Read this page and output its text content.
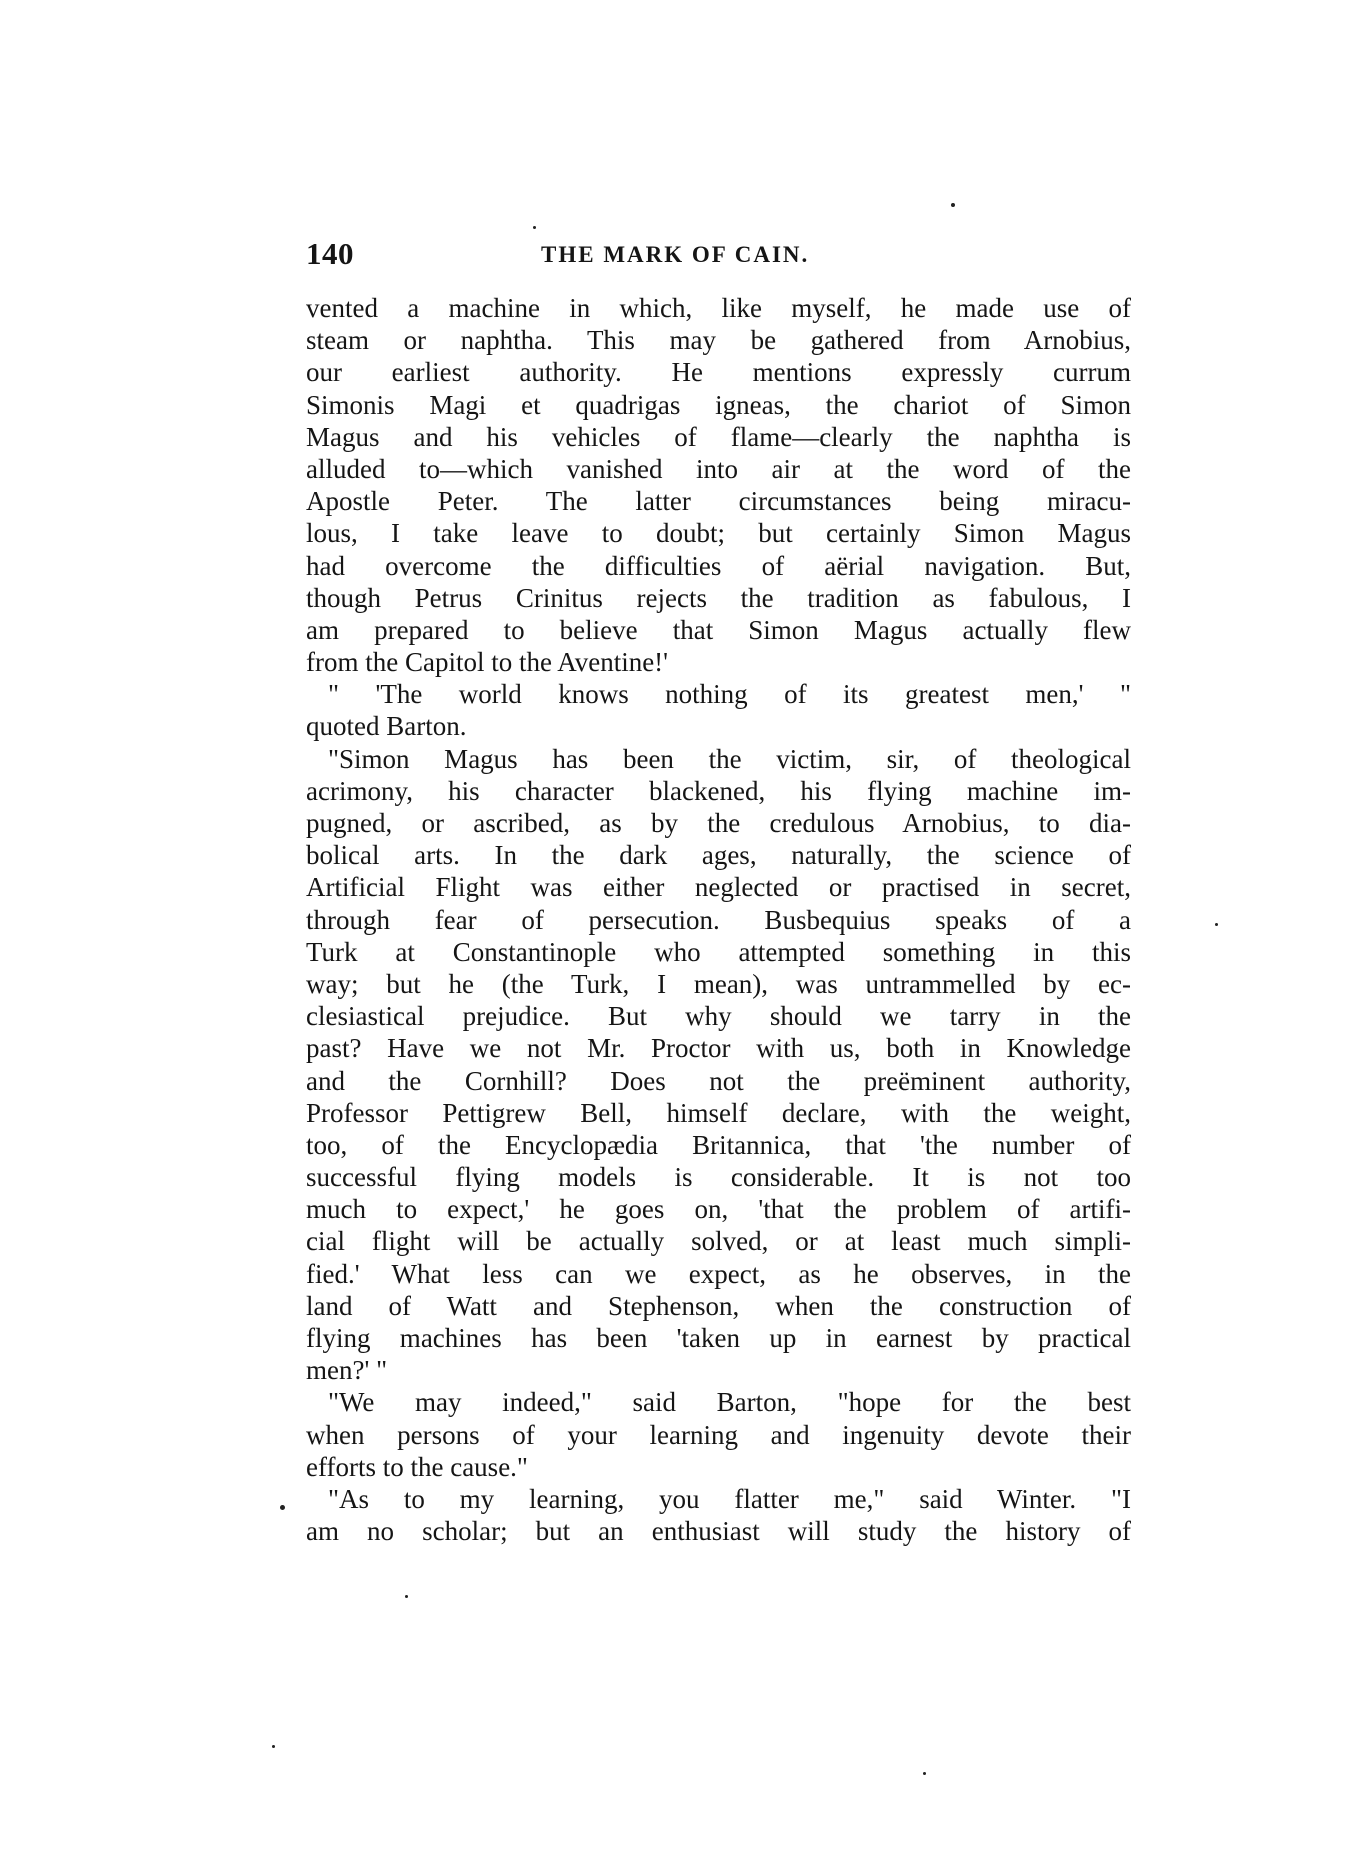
140	THE MARK OF CAIN.
vented a machine in which, like myself, he made use of
steam or naphtha. This may be gathered from Arnobius,
our earliest authority. He mentions expressly currum
Simonis Magi et quadrigas igneas, the chariot of Simon
Magus and his vehicles of flame—clearly the naphtha is
alluded to—which vanished into air at the word of the
Apostle Peter. The latter circumstances being miracu-
lous, I take leave to doubt; but certainly Simon Magus
had overcome the difficulties of aërial navigation. But,
though Petrus Crinitus rejects the tradition as fabulous, I
am prepared to believe that Simon Magus actually flew
from the Capitol to the Aventine!'
" 'The world knows nothing of its greatest men,' "
quoted Barton.
"Simon Magus has been the victim, sir, of theological
acrimony, his character blackened, his flying machine im-
pugned, or ascribed, as by the credulous Arnobius, to dia-
bolical arts. In the dark ages, naturally, the science of
Artificial Flight was either neglected or practised in secret,
through fear of persecution. Busbequius speaks of a
Turk at Constantinople who attempted something in this
way; but he (the Turk, I mean), was untrammelled by ec-
clesiastical prejudice. But why should we tarry in the
past? Have we not Mr. Proctor with us, both in Knowledge
and the Cornhill? Does not the preëminent authority,
Professor Pettigrew Bell, himself declare, with the weight,
too, of the Encyclopædia Britannica, that 'the number of
successful flying models is considerable. It is not too
much to expect,' he goes on, 'that the problem of artifi-
cial flight will be actually solved, or at least much simpli-
fied.' What less can we expect, as he observes, in the
land of Watt and Stephenson, when the construction of
flying machines has been 'taken up in earnest by practical
men?' "
"We may indeed," said Barton, "hope for the best
when persons of your learning and ingenuity devote their
efforts to the cause."
"As to my learning, you flatter me," said Winter. "I
am no scholar; but an enthusiast will study the history of
